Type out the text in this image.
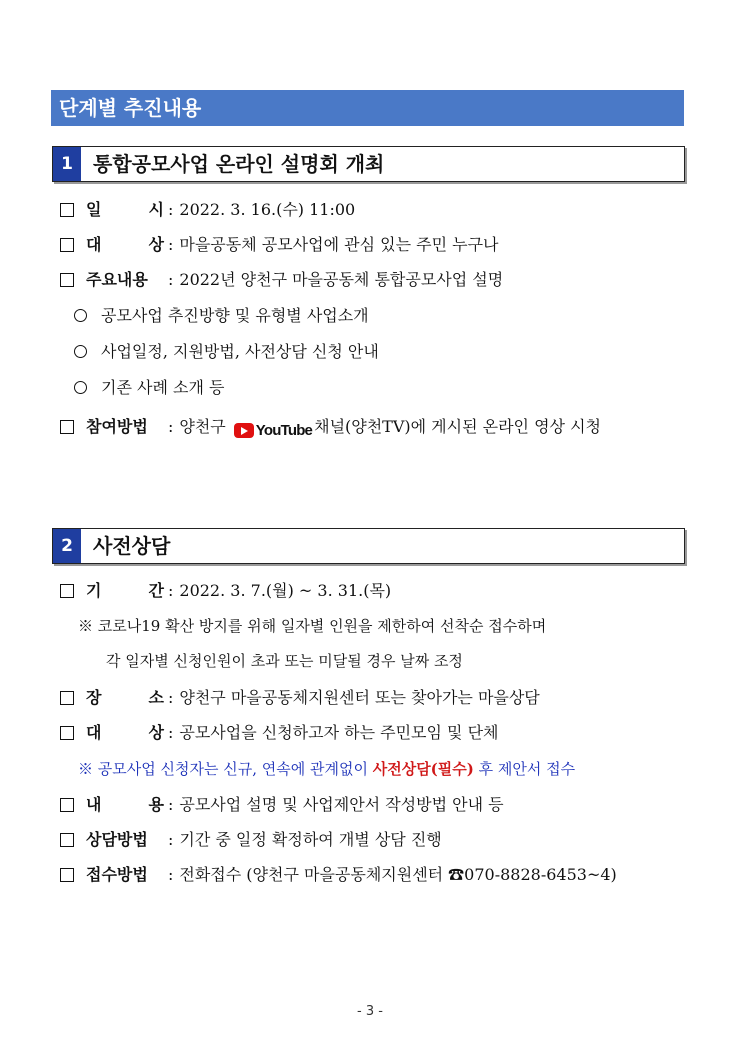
단계별 추진내용
1	통합공모사업 온라인 설명회 개최
일	시 : 2022. 3. 16.(수) 11:00
대	상 : 마을공동체 공모사업에 관심 있는 주민 누구나
주요내용 : 2022년 양천구 마을공동체 통합공모사업 설명
공모사업 추진방향 및 유형별 사업소개
사업일정, 지원방법, 사전상담 신청 안내
기존 사례 소개 등
참여방법 : 양천구 YouTube 채널(양천TV)에 게시된 온라인 영상 시청
2	사전상담
기	간 : 2022. 3. 7.(월) ~ 3. 31.(목)
※ 코로나19 확산 방지를 위해 일자별 인원을 제한하여 선착순 접수하며
각 일자별 신청인원이 초과 또는 미달될 경우 날짜 조정
장	소 : 양천구 마을공동체지원센터 또는 찾아가는 마을상담
대	상 : 공모사업을 신청하고자 하는 주민모임 및 단체
※ 공모사업 신청자는 신규, 연속에 관계없이 사전상담(필수) 후 제안서 접수
내	용 : 공모사업 설명 및 사업제안서 작성방법 안내 등
상담방법 : 기간 중 일정 확정하여 개별 상담 진행
접수방법 : 전화접수 (양천구 마을공동체지원센터 ☎070-8828-6453~4)
- 3 -
